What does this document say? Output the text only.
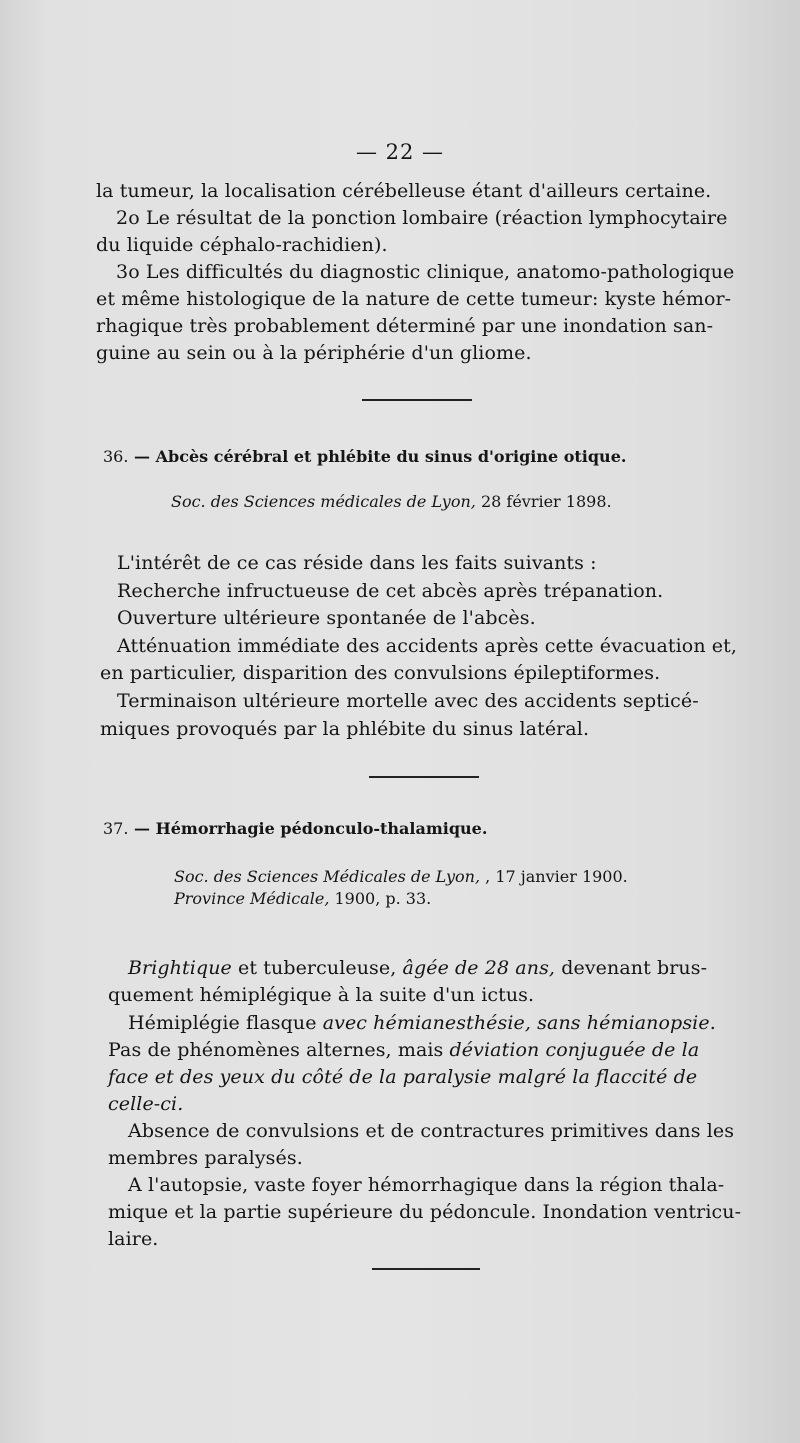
— 22 —
la tumeur, la localisation cérébelleuse étant d'ailleurs certaine.
2o Le résultat de la ponction lombaire (réaction lymphocytaire
du liquide céphalo-rachidien).
3o Les difficultés du diagnostic clinique, anatomo-pathologique
et même histologique de la nature de cette tumeur: kyste hémor-
rhagique très probablement déterminé par une inondation san-
guine au sein ou à la périphérie d'un gliome.
36. — Abcès cérébral et phlébite du sinus d'origine otique.
Soc. des Sciences médicales de Lyon, 28 février 1898.
L'intérêt de ce cas réside dans les faits suivants :
Recherche infructueuse de cet abcès après trépanation.
Ouverture ultérieure spontanée de l'abcès.
Atténuation immédiate des accidents après cette évacuation et,
en particulier, disparition des convulsions épileptiformes.
Terminaison ultérieure mortelle avec des accidents septicé-
miques provoqués par la phlébite du sinus latéral.
37. — Hémorrhagie pédonculo-thalamique.
Soc. des Sciences Médicales de Lyon, , 17 janvier 1900.
Province Médicale, 1900, p. 33.
Brightique et tuberculeuse, âgée de 28 ans, devenant brus-
quement hémiplégique à la suite d'un ictus.
Hémiplégie flasque avec hémianesthésie, sans hémianopsie.
Pas de phénomènes alternes, mais déviation conjuguée de la
face et des yeux du côté de la paralysie malgré la flaccité de
celle-ci.
Absence de convulsions et de contractures primitives dans les
membres paralysés.
A l'autopsie, vaste foyer hémorrhagique dans la région thala-
mique et la partie supérieure du pédoncule. Inondation ventricu-
laire.
